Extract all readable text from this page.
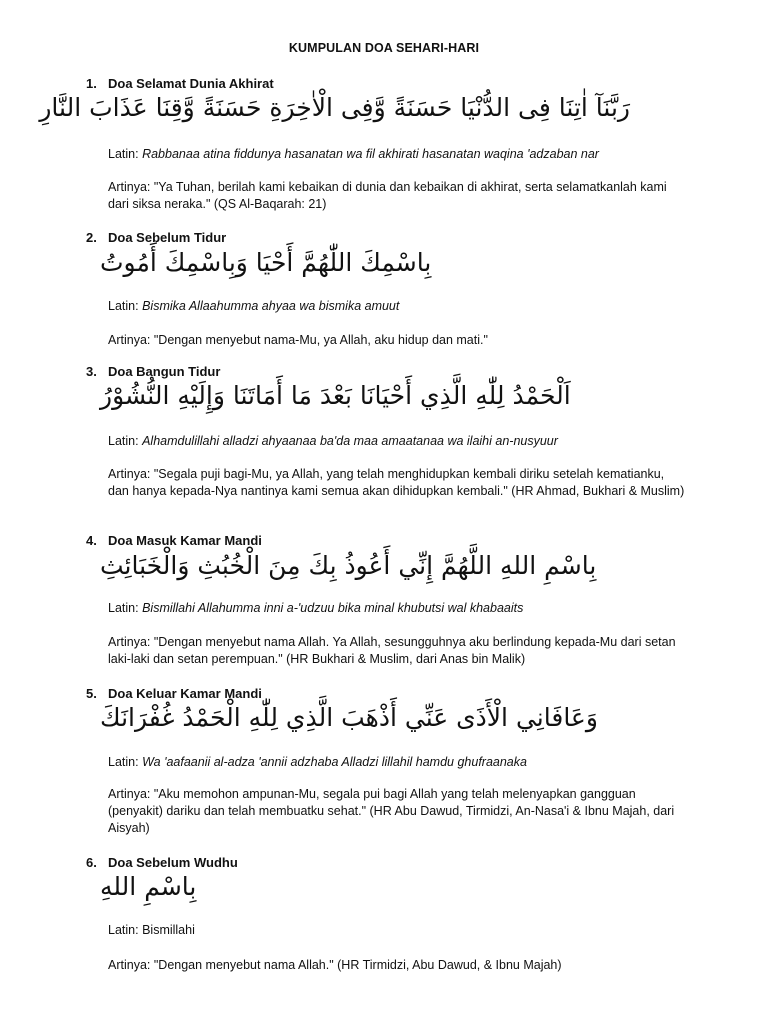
KUMPULAN DOA SEHARI-HARI
1. Doa Selamat Dunia Akhirat
رَبَّنَآ اٰتِنَا فِى الدُّنْيَا حَسَنَةً وَّفِى الْاٰخِرَةِ حَسَنَةً وَّقِنَا عَذَابَ النَّارِ
Latin: Rabbanaa atina fiddunya hasanatan wa fil akhirati hasanatan waqina 'adzaban nar
Artinya: "Ya Tuhan, berilah kami kebaikan di dunia dan kebaikan di akhirat, serta selamatkanlah kami dari siksa neraka." (QS Al-Baqarah: 21)
2. Doa Sebelum Tidur
بِاسْمِكَ اللّٰهُمَّ أَحْيَا وَبِاسْمِكَ أَمُوتُ
Latin: Bismika Allaahumma ahyaa wa bismika amuut
Artinya: "Dengan menyebut nama-Mu, ya Allah, aku hidup dan mati."
3. Doa Bangun Tidur
اَلْحَمْدُ لِلّٰهِ الَّذِي أَحْيَانَا بَعْدَ مَا أَمَاتَنَا وَإِلَيْهِ النُّشُوْرُ
Latin: Alhamdulillahi alladzi ahyaanaa ba'da maa amaatanaa wa ilaihi an-nusyuur
Artinya: "Segala puji bagi-Mu, ya Allah, yang telah menghidupkan kembali diriku setelah kematianku, dan hanya kepada-Nya nantinya kami semua akan dihidupkan kembali." (HR Ahmad, Bukhari & Muslim)
4. Doa Masuk Kamar Mandi
بِاسْمِ اللهِ اللَّهُمَّ إِنِّي أَعُوذُ بِكَ مِنَ الْخُبُثِ وَالْخَبَائِثِ
Latin: Bismillahi Allahumma inni a-'udzuu bika minal khubutsi wal khabaaits
Artinya: "Dengan menyebut nama Allah. Ya Allah, sesungguhnya aku berlindung kepada-Mu dari setan laki-laki dan setan perempuan." (HR Bukhari & Muslim, dari Anas bin Malik)
5. Doa Keluar Kamar Mandi
وَعَافَانِي الْأَذَى عَنِّي أَذْهَبَ الَّذِي لِلّٰهِ الْحَمْدُ غُفْرَانَكَ
Latin: Wa 'aafaanii al-adza 'annii adzhaba Alladzi lillahil hamdu ghufraanaka
Artinya: "Aku memohon ampunan-Mu, segala pui bagi Allah yang telah melenyapkan gangguan (penyakit) dariku dan telah membuatku sehat." (HR Abu Dawud, Tirmidzi, An-Nasa'i & Ibnu Majah, dari Aisyah)
6. Doa Sebelum Wudhu
بِاسْمِ اللهِ
Latin: Bismillahi
Artinya: "Dengan menyebut nama Allah." (HR Tirmidzi, Abu Dawud, & Ibnu Majah)
